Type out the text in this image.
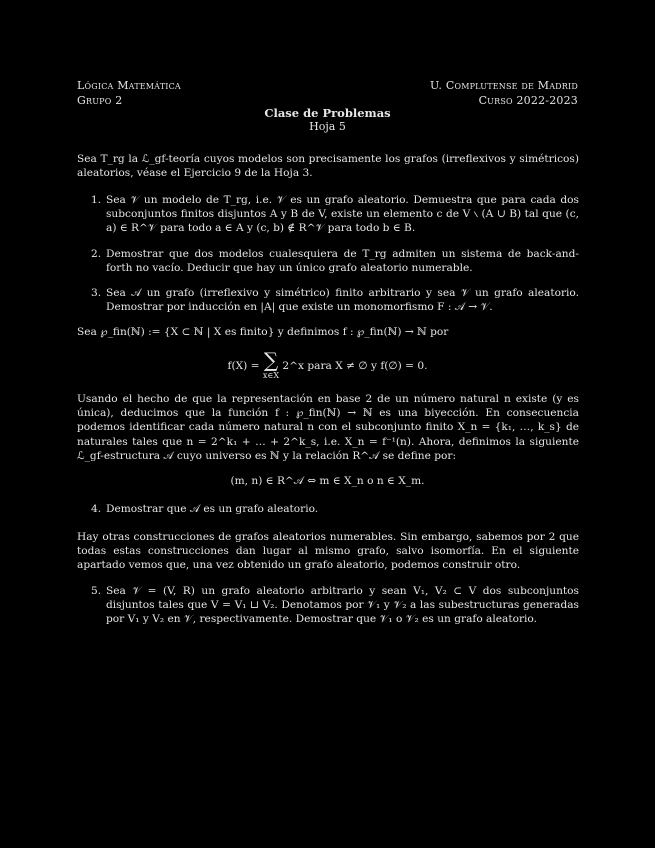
Lógica Matemática
Grupo 2
U. Complutense de Madrid
Curso 2022-2023
Clase de Problemas
Hoja 5
Sea T_rg la ℒ_gf-teoría cuyos modelos son precisamente los grafos (irreflexivos y simétricos) aleatorios, véase el Ejercicio 9 de la Hoja 3.
1. Sea 𝒱 un modelo de T_rg, i.e. 𝒱 es un grafo aleatorio. Demuestra que para cada dos subconjuntos finitos disjuntos A y B de V, existe un elemento c de V ∖ (A ∪ B) tal que (c, a) ∈ R^𝒱 para todo a ∈ A y (c, b) ∉ R^𝒱 para todo b ∈ B.
2. Demostrar que dos modelos cualesquiera de T_rg admiten un sistema de back-and-forth no vacío. Deducir que hay un único grafo aleatorio numerable.
3. Sea 𝒜 un grafo (irreflexivo y simétrico) finito arbitrario y sea 𝒱 un grafo aleatorio. Demostrar por inducción en |A| que existe un monomorfismo F : 𝒜 → 𝒱.
Sea ℘_fin(ℕ) := {X ⊂ ℕ | X es finito} y definimos f : ℘_fin(ℕ) → ℕ por
f(X) = ∑
x∈X
2^x para X ≠ ∅ y f(∅) = 0.
Usando el hecho de que la representación en base 2 de un número natural n existe (y es única), deducimos que la función f : ℘_fin(ℕ) → ℕ es una biyección. En consecuencia podemos identificar cada número natural n con el subconjunto finito X_n = {k₁, …, k_s} de naturales tales que n = 2^k₁ + … + 2^k_s, i.e. X_n = f⁻¹(n). Ahora, definimos la siguiente ℒ_gf-estructura 𝒜 cuyo universo es ℕ y la relación R^𝒜 se define por:
(m, n) ∈ R^𝒜 ⇔ m ∈ X_n o n ∈ X_m.
4. Demostrar que 𝒜 es un grafo aleatorio.
Hay otras construcciones de grafos aleatorios numerables. Sin embargo, sabemos por 2 que todas estas construcciones dan lugar al mismo grafo, salvo isomorfía. En el siguiente apartado vemos que, una vez obtenido un grafo aleatorio, podemos construir otro.
5. Sea 𝒱 = (V, R) un grafo aleatorio arbitrario y sean V₁, V₂ ⊂ V dos subconjuntos disjuntos tales que V = V₁ ⊔ V₂. Denotamos por 𝒱₁ y 𝒱₂ a las subestructuras generadas por V₁ y V₂ en 𝒱, respectivamente. Demostrar que 𝒱₁ o 𝒱₂ es un grafo aleatorio.
